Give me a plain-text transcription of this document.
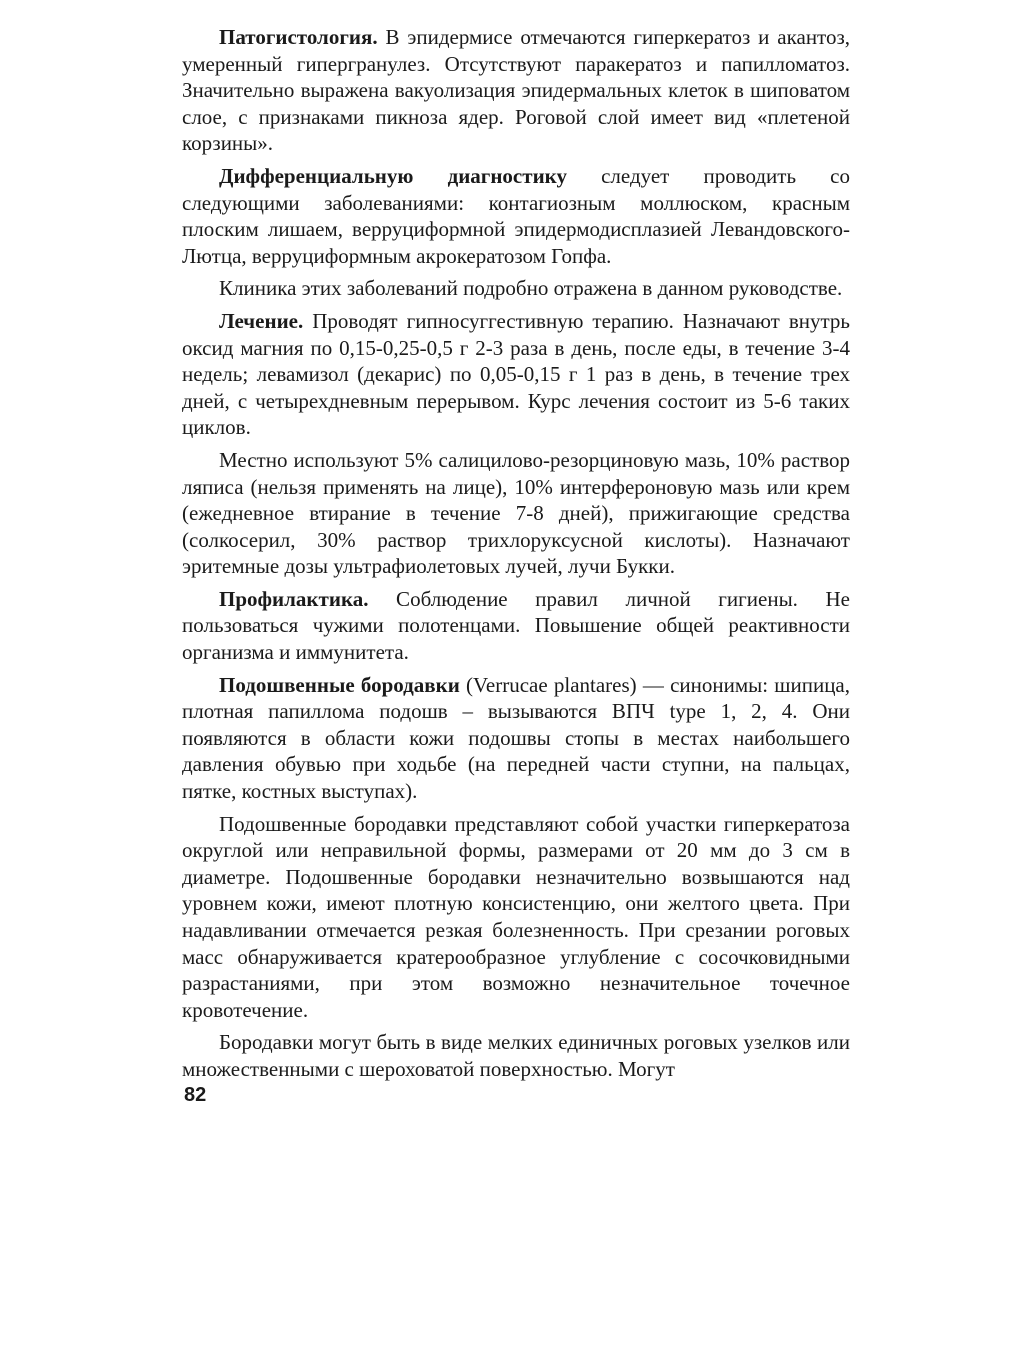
Патогистология. В эпидермисе отмечаются гиперкератоз и акантоз, умеренный гипергранулез. Отсутствуют паракератоз и папилломатоз. Значительно выражена вакуолизация эпидермальных клеток в шиповатом слое, с признаками пикноза ядер. Роговой слой имеет вид «плетеной корзины».

Дифференциальную диагностику следует проводить со следующими заболеваниями: контагиозным моллюском, красным плоским лишаем, верруциформной эпидермодисплазией Левандовского-Лютца, верруциформным акрокератозом Гопфа.

Клиника этих заболеваний подробно отражена в данном руководстве.

Лечение. Проводят гипносуггестивную терапию. Назначают внутрь оксид магния по 0,15-0,25-0,5 г 2-3 раза в день, после еды, в течение 3-4 недель; левамизол (декарис) по 0,05-0,15 г 1 раз в день, в течение трех дней, с четырехдневным перерывом. Курс лечения состоит из 5-6 таких циклов.

Местно используют 5% салицилово-резорциновую мазь, 10% раствор ляписа (нельзя применять на лице), 10% интерфероновую мазь или крем (ежедневное втирание в течение 7-8 дней), прижигающие средства (солкосерил, 30% раствор трихлоруксусной кислоты). Назначают эритемные дозы ультрафиолетовых лучей, лучи Букки.

Профилактика. Соблюдение правил личной гигиены. Не пользоваться чужими полотенцами. Повышение общей реактивности организма и иммунитета.

Подошвенные бородавки (Verrucae plantares) — синонимы: шипица, плотная папиллома подошв – вызываются ВПЧ type 1, 2, 4. Они появляются в области кожи подошвы стопы в местах наибольшего давления обувью при ходьбе (на передней части ступни, на пальцах, пятке, костных выступах).

Подошвенные бородавки представляют собой участки гиперкератоза округлой или неправильной формы, размерами от 20 мм до 3 см в диаметре. Подошвенные бородавки незначительно возвышаются над уровнем кожи, имеют плотную консистенцию, они желтого цвета. При надавливании отмечается резкая болезненность. При срезании роговых масс обнаруживается кратерообразное углубление с сосочковидными разрастаниями, при этом возможно незначительное точечное кровотечение.

Бородавки могут быть в виде мелких единичных роговых узелков или множественными с шероховатой поверхностью. Могут

82
